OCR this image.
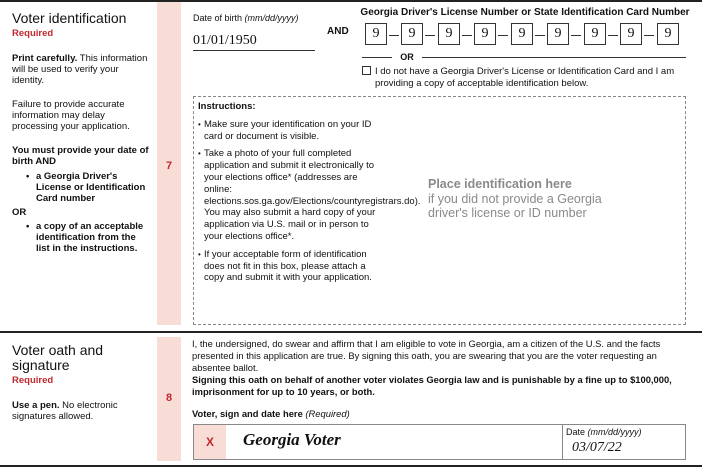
7
8
Voter identification
Required

Print carefully. This information will be used to verify your identity.

Failure to provide accurate information may delay processing your application.

You must provide your date of birth AND

• a Georgia Driver's License or Identification Card number
OR
• a copy of an acceptable identification from the list in the instructions.
Date of birth (mm/dd/yyyy)
01/01/1950
AND
Georgia Driver's License Number or State Identification Card Number
9	9	9	9	9	9	9	9	9
OR
I do not have a Georgia Driver's License or Identification Card and I am providing a copy of acceptable identification below.
Instructions:
• Make sure your identification on your ID card or document is visible.
• Take a photo of your full completed application and submit it electronically to your elections office* (addresses are online: elections.sos.ga.gov/Elections/countyregistrars.do). You may also submit a hard copy of your application via U.S. mail or in person to your elections office*.
• If your acceptable form of identification does not fit in this box, please attach a copy and submit it with your application.
Place identification here
if you did not provide a Georgia driver's license or ID number
Voter oath and signature
Required

Use a pen. No electronic signatures allowed.

I, the undersigned, do swear and affirm that I am eligible to vote in Georgia, am a citizen of the U.S. and the facts presented in this application are true. By signing this oath, you are swearing that you are the voter requesting an absentee ballot.
Signing this oath on behalf of another voter violates Georgia law and is punishable by a fine up to $100,000, imprisonment for up to 10 years, or both.
Voter, sign and date here (Required)
X	Georgia Voter	Date (mm/dd/yyyy)
03/07/22
